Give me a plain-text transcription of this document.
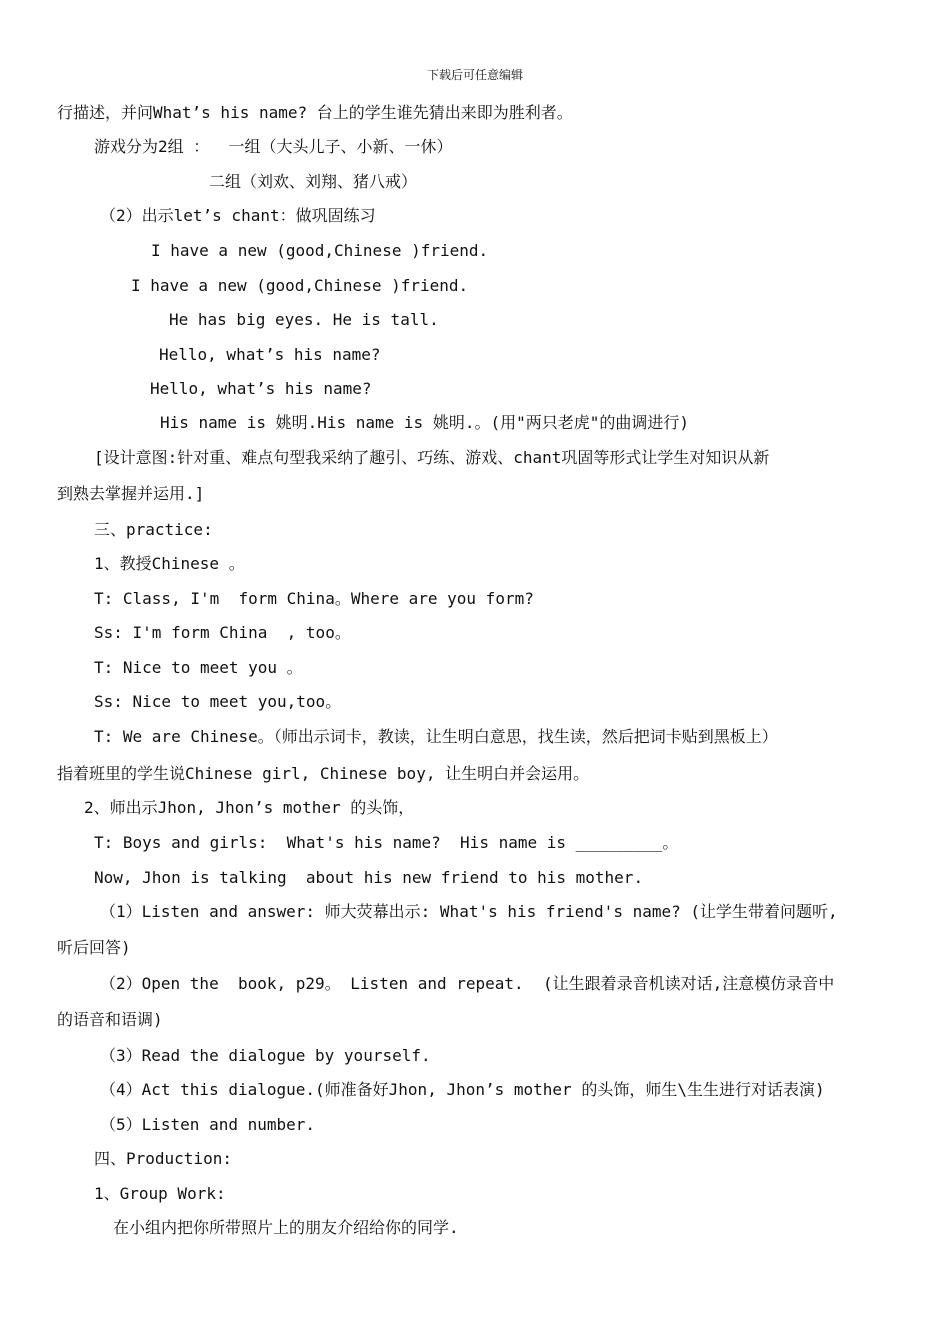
下载后可任意编辑
行描述，并问What’s his name? 台上的学生谁先猜出来即为胜利者。
游戏分为2组 ：  一组（大头儿子、小新、一休）
二组（刘欢、刘翔、猪八戒）
（2）出示let’s chant：做巩固练习
I have a new (good,Chinese )friend.
I have a new (good,Chinese )friend.
He has big eyes. He is tall.
Hello, what’s his name?
Hello, what’s his name?
His name is 姚明.His name is 姚明.。(用"两只老虎"的曲调进行)
[设计意图:针对重、难点句型我采纳了趣引、巧练、游戏、chant巩固等形式让学生对知识从新
到熟去掌握并运用.]
三、practice:
1、教授Chinese 。
T: Class, I'm  form China。Where are you form?
Ss: I'm form China  , too。
T: Nice to meet you 。
Ss: Nice to meet you,too。
T: We are Chinese。（师出示词卡，教读，让生明白意思，找生读，然后把词卡贴到黑板上）
指着班里的学生说Chinese girl, Chinese boy, 让生明白并会运用。
2、师出示Jhon, Jhon’s mother 的头饰，
T: Boys and girls:  What's his name?  His name is _________。
Now, Jhon is talking  about his new friend to his mother.
（1）Listen and answer: 师大荧幕出示: What's his friend's name? (让学生带着问题听,
听后回答)
（2）Open the  book, p29。 Listen and repeat.  (让生跟着录音机读对话,注意模仿录音中
的语音和语调)
（3）Read the dialogue by yourself.
（4）Act this dialogue.(师准备好Jhon, Jhon’s mother 的头饰，师生\生生进行对话表演)
（5）Listen and number.
四、Production:
1、Group Work:
在小组内把你所带照片上的朋友介绍给你的同学.
